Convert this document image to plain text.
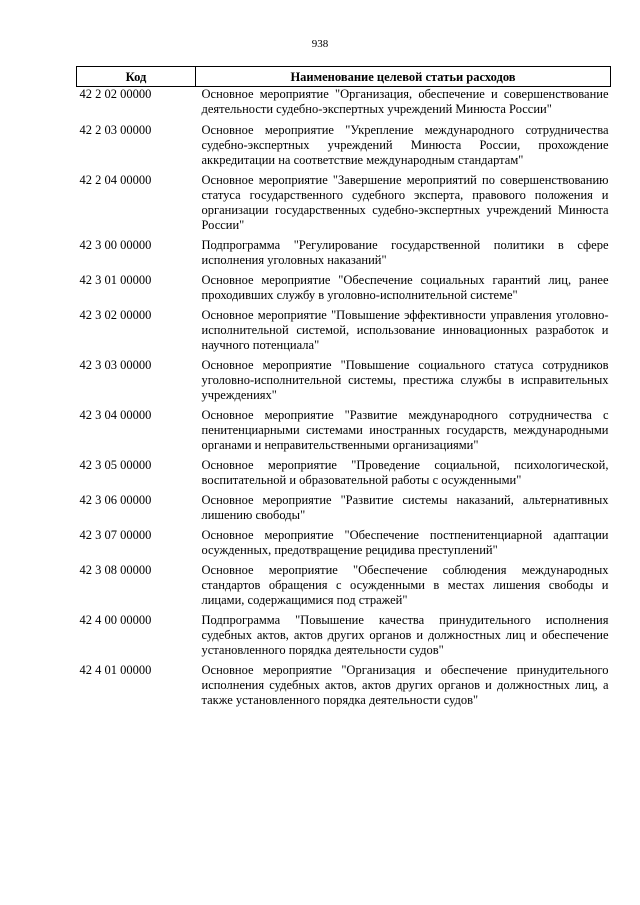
938
Код	Наименование целевой статьи расходов
42 2 02 00000	Основное мероприятие "Организация, обеспечение и совершенствование деятельности судебно-экспертных учреждений Минюста России"
42 2 03 00000	Основное мероприятие "Укрепление международного сотрудничества судебно-экспертных учреждений Минюста России, прохождение аккредитации на соответствие международным стандартам"
42 2 04 00000	Основное мероприятие "Завершение мероприятий по совершенствованию статуса государственного судебного эксперта, правового положения и организации государственных судебно-экспертных учреждений Минюста России"
42 3 00 00000	Подпрограмма "Регулирование государственной политики в сфере исполнения уголовных наказаний"
42 3 01 00000	Основное мероприятие "Обеспечение социальных гарантий лиц, ранее проходивших службу в уголовно-исполнительной системе"
42 3 02 00000	Основное мероприятие "Повышение эффективности управления уголовно-исполнительной системой, использование инновационных разработок и научного потенциала"
42 3 03 00000	Основное мероприятие "Повышение социального статуса сотрудников уголовно-исполнительной системы, престижа службы в исправительных учреждениях"
42 3 04 00000	Основное мероприятие "Развитие международного сотрудничества с пенитенциарными системами иностранных государств, международными органами и неправительственными организациями"
42 3 05 00000	Основное мероприятие "Проведение социальной, психологической, воспитательной и образовательной работы с осужденными"
42 3 06 00000	Основное мероприятие "Развитие системы наказаний, альтернативных лишению свободы"
42 3 07 00000	Основное мероприятие "Обеспечение постпенитенциарной адаптации осужденных, предотвращение рецидива преступлений"
42 3 08 00000	Основное мероприятие "Обеспечение соблюдения международных стандартов обращения с осужденными в местах лишения свободы и лицами, содержащимися под стражей"
42 4 00 00000	Подпрограмма "Повышение качества принудительного исполнения судебных актов, актов других органов и должностных лиц и обеспечение установленного порядка деятельности судов"
42 4 01 00000	Основное мероприятие "Организация и обеспечение принудительного исполнения судебных актов, актов других органов и должностных лиц, а также установленного порядка деятельности судов"
